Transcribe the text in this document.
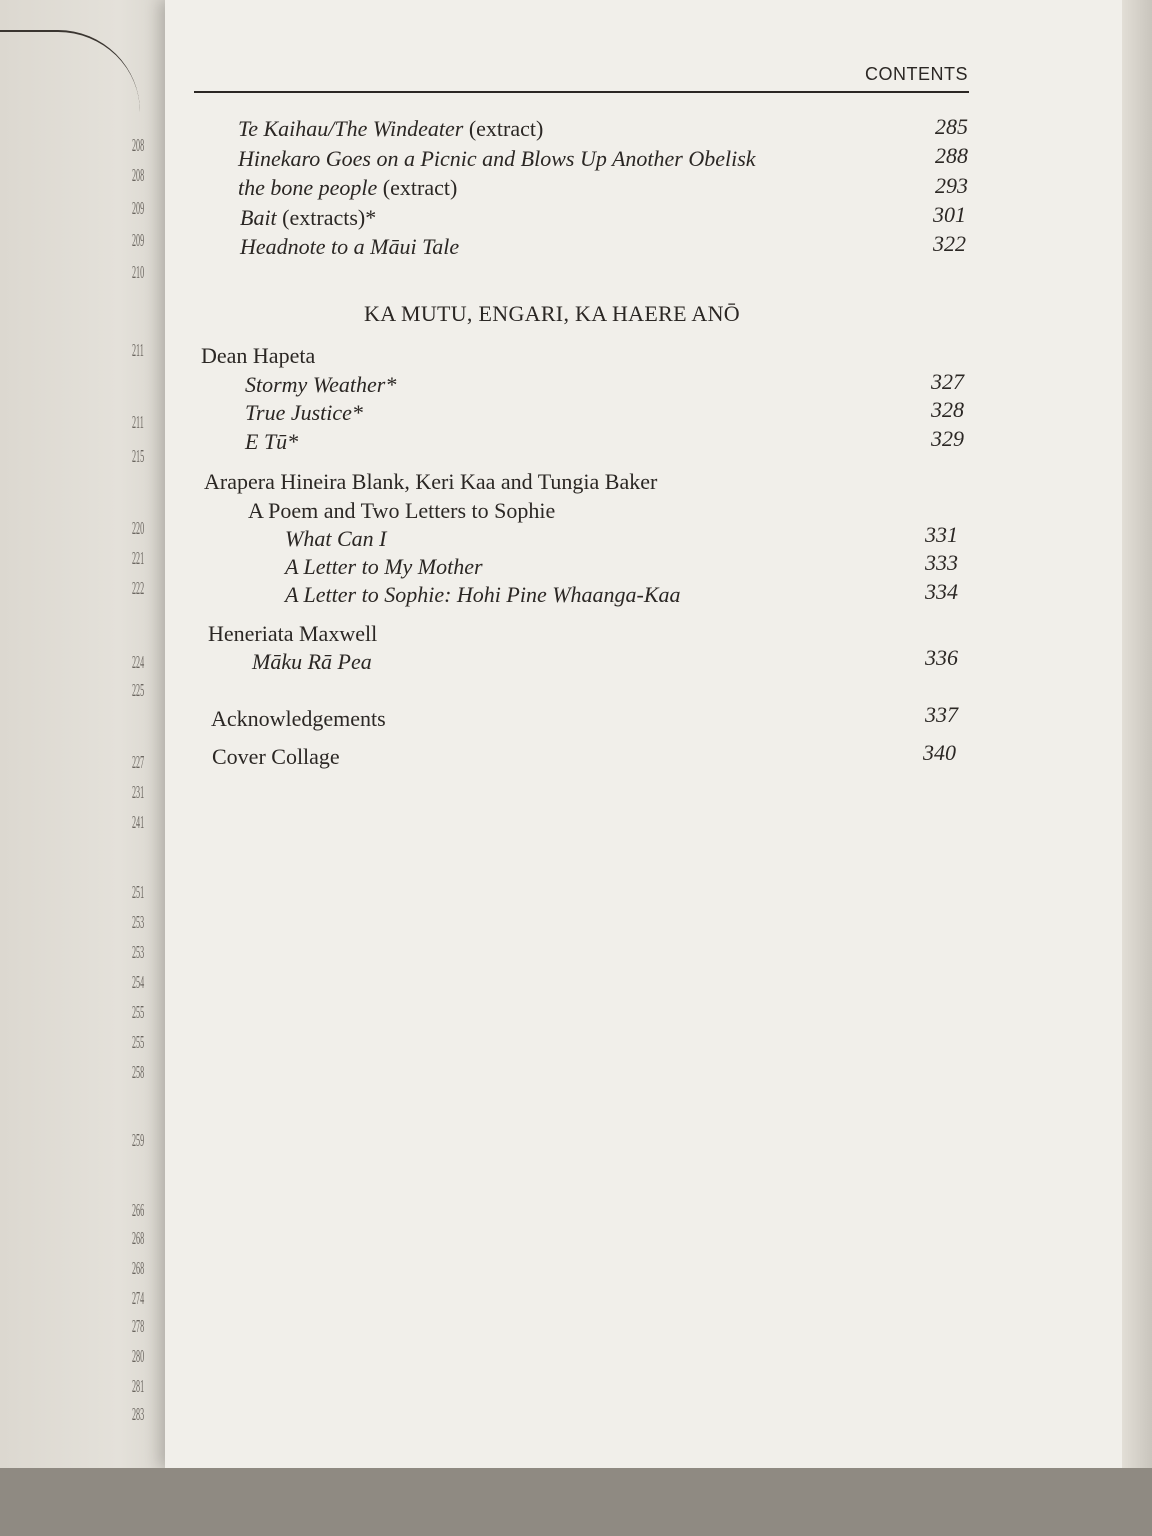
208
208
209
209
210
211
211
215
220
221
222
224
225
227
231
241
251
253
253
254
255
255
258
259
266
268
268
274
278
280
281
283
CONTENTS
Te Kaihau/The Windeater (extract)	285
Hinekaro Goes on a Picnic and Blows Up Another Obelisk	288
the bone people (extract)	293
Bait (extracts)*	301
Headnote to a Māui Tale	322
KA MUTU, ENGARI, KA HAERE ANŌ
Dean Hapeta
Stormy Weather*	327
True Justice*	328
E Tū*	329
Arapera Hineira Blank, Keri Kaa and Tungia Baker
A Poem and Two Letters to Sophie
What Can I	331
A Letter to My Mother	333
A Letter to Sophie: Hohi Pine Whaanga-Kaa	334
Heneriata Maxwell
Māku Rā Pea	336
Acknowledgements	337
Cover Collage	340
